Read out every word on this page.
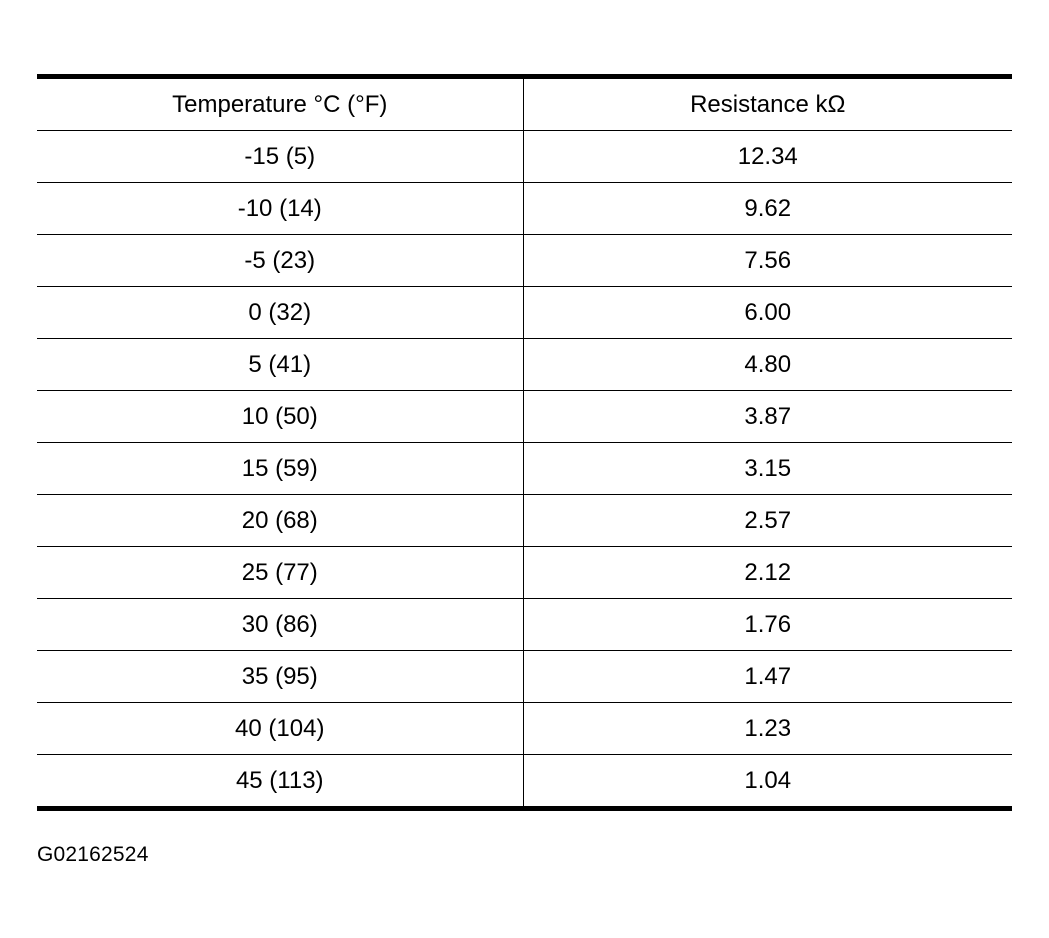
Temperature °C (°F)	Resistance kΩ
-15 (5)	12.34
-10 (14)	9.62
-5 (23)	7.56
0 (32)	6.00
5 (41)	4.80
10 (50)	3.87
15 (59)	3.15
20 (68)	2.57
25 (77)	2.12
30 (86)	1.76
35 (95)	1.47
40 (104)	1.23
45 (113)	1.04
G02162524
